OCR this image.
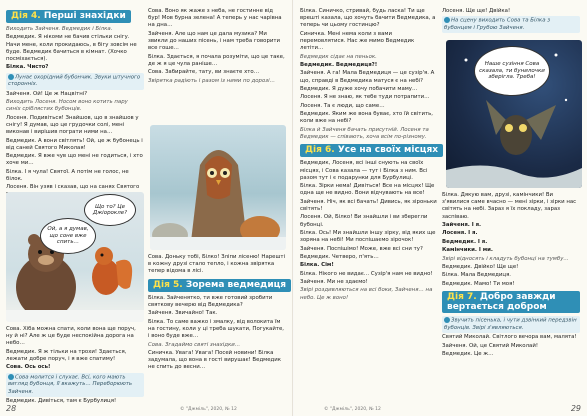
Дія 4. Перші знахідки

Виходить Зайченя. Ведмедик і Білка.

Ведмедик. Я нікоми не бачив стільки снігу. Начи мене, коли прокидаюсь, в бігу зовсім не буде. Ведмедик бачиться в кімнат. (Хочко посміхається).

Білка. Чисто?

Лунає охорідний бубончик. Звуки штучного сторонніх.

Зайченя. Ой! Це ж Нацвітні?

Виходить Лосеня. Носом воно котить пару синіх сріблястих бубонців.

Лосеня. Подивіться! Знайшов, що в знайшов у снігу! Я думав, що це грудочки солі, мені виконав і вирішив пограти ними на…

Ведмедик. А вони світлять! Ой, це ж бубонець і від саней Святого Миколая!

Ведмедик. Я вже чув що мені не годиться, і хто хоче ми…

Білка. І я чула! Святої. А потім не голос, не білок.

Лосеня. Він узяв і сказав, що на санях Святого

Сова. Воно як жаже з неба, не гостинне від бур! Мов бурна зелена! А теперь у нас чарівна на дна…

Зайченя. Але що нам це дала музика? Ми звикли до наших пісень, і нам треба говорити все гоше…

Білка. Здається, я почала розуміти, що це таке, де ж я це чула раніше…

Сова. Забирайте, тату, ви знаєте хто…

Звірятка радіють і разом із ними по дорозі…

Сова. Доньку тобі, Білко! Зліпи лісеню! Нарешті в кожну друзі стало тепло, і кожна звірятка тепер відома в лісі.

Дія 5. Зорема ведмедиця

Білка. Зайченятко, ти вже готовий зробити святкову вечерю від Ведмедика?

Зайченя. Звичайно! Так.

Білка. То саме важко і змалку, від волокита їм на гостину, коли у ці треба шукати, Погукайте, і воно буде вже…

Сова. Згадаймо святі знахідки…

Синичка. Увага! Увага! Посей новини! Білка задумала, що вона в гості вирушає! Ведмедик не спить до весни…

Що то? Це Джіорокле?
Ой, а я думав, що соне вже спить…

Сова. Хіба можна спати, коли вона ще поруч, ну й ні? Але ж це буде неспокійна дорога на небо…

Ведмедик. Я ж тільки на трохи! Здається, лежати добре поруч, і я вже спатиму!

Сова. Ось ось!

Сова молится і слухає. Всі, кого мають вигляд бубонця, її вкажуть… Переборюють Зайченя.

Ведмедик. Дивіться, там є Бурбулиця!

28	© "Джміль", 2020, № 12

Білка. Синичко, стривай, будь ласка! Ти ще врешті казала, що хочуть бачити Ведмедика, а теперь чи цьому гостинцю?

Синичка. Мені нема коли з вами перемовлятися. Нас же мимо Ведмедик летіти…

Ведмедик сідає на пеньок.

Ведмедик. Ведмедиця?!

Зайченя. А га! Мала Ведмедиця — це сузір'я. А що, справді в Ведмедика матуся є на небі?

Ведмедик. Я дуже хочу побачити маму…

Лосеня. Я не знаю, як тебе туди потрапити…

Лосеня. Та є люди, що саме…

Ведмедик. Яким же вона буває, хто їй світить, коли вже на небі?

Білка й Зайченя бачать присутній. Лосеня та Ведмедик — співають, хоча всім по-різному.

Дія 6. Усе на своїх місцях

Ведмедик, Лосеня, всі інші снують на своїх місцях, і Сова казала — тут і Білка з ним. Всі разом тут і є подарунки для Бурбулиці.

Білка. Зірки нема! Дивіться! Все на місцях! Ще одна ще не видно. Вони відчувають на все!

Зайченя. Ніч, як всі бачать! Дивись, як зіроньки світять!

Лосеня. Ой, Білко! Ви знайшли і ви зберегли бубонці.

Білка. Ось! Ми знайшли іншу зірку, від яких ще зоряна на небі! Ми поспішаємо зірочок!

Зайченя. Поспішімо! Може, вже всі сни ту?

Ведмедик. Четверо, п'ять…

Білка. Сім!

Білка. Нікого не видає… Сузір'я нам не видно!

Зайченя. Ми не здаємо!

Звірі роздивляються на всі боки, Зайченя… на небо. Це ж воно!

Лосеня. Ще ще! Двійка!

На сцену виходить Сова та Білка з бубонцем і Грубою Зайченя.

Наше сузіння Сова сказала, ти бунилочки зберігла. Треба!

Білка. Дякую вам, друзі, камінчики! Ви з'явилися саме вчасно — мені зірки, і зірки нас світять на небі. Зараз я їх покладу, зараз заспіваю.

Зайченя. І я.

Лосеня. І я.

Ведмедик. І я.

Камінчики. І ми.

Звірі відносять і кладуть бубонці на тумбу…

Ведмедик. Двійко! Ще ще!

Білка. Мала Ведмедиця.

Ведмедик. Мамо! Ти моя!

Дія 7. Добро завжди вертається добром

Звучить пісенька, і чути дзвінкий передзвін бубонців. Звірі з'являються.

Святий Миколай. Світлого вечора вам, малята!

Зайченя. Ой, це Святий Миколай!

Ведмедик. Це ж…

29
© "Джміль", 2020, № 12
